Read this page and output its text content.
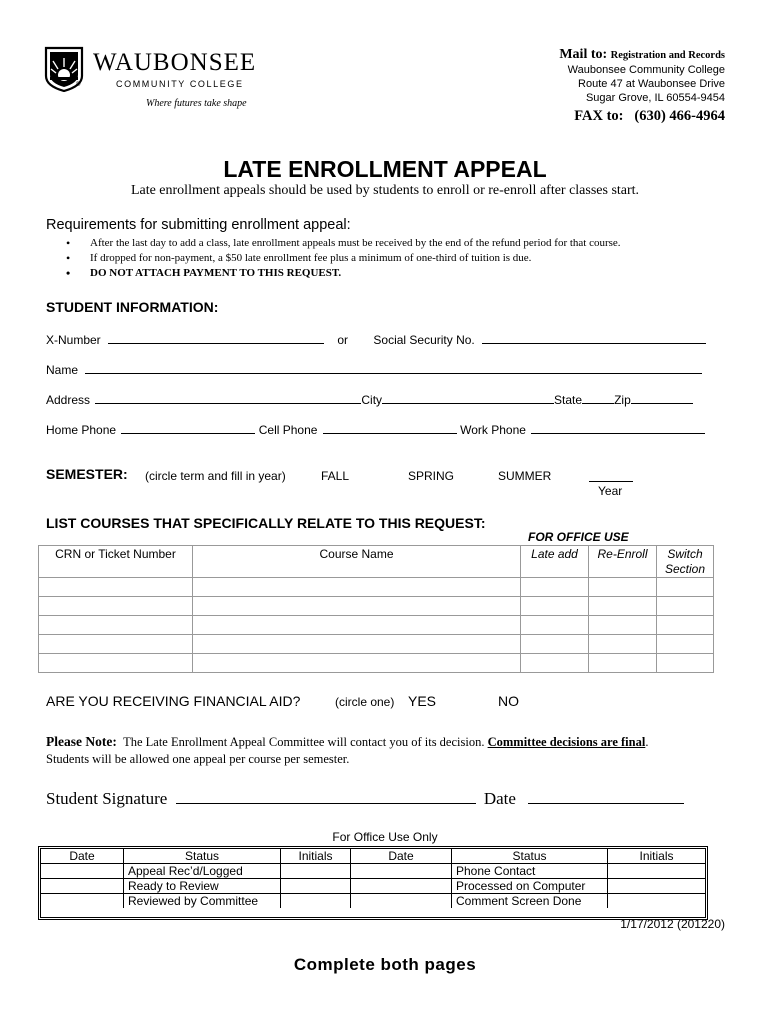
WAUBONSEE
COMMUNITY COLLEGE
®
Where futures take shape
Mail to: Registration and Records
Waubonsee Community College
Route 47 at Waubonsee Drive
Sugar Grove, IL 60554-9454
FAX to: (630) 466-4964
LATE ENROLLMENT APPEAL
Late enrollment appeals should be used by students to enroll or re-enroll after classes start.
Requirements for submitting enrollment appeal:
• After the last day to add a class, late enrollment appeals must be received by the end of the refund period for that course.
• If dropped for non-payment, a $50 late enrollment fee plus a minimum of one-third of tuition is due.
• DO NOT ATTACH PAYMENT TO THIS REQUEST.
STUDENT INFORMATION:
X-Number	or Social Security No.
Name
Address	City	State	Zip
Home Phone	Cell Phone	Work Phone
SEMESTER: (circle term and fill in year)	FALL	SPRING	SUMMER
Year
LIST COURSES THAT SPECIFICALLY RELATE TO THIS REQUEST:
FOR OFFICE USE
CRN or Ticket Number	Course Name	Late add	Re-Enroll	Switch
Section

ARE YOU RECEIVING FINANCIAL AID?	(circle one) YES	NO
Please Note: The Late Enrollment Appeal Committee will contact you of its decision. Committee decisions are final.
Students will be allowed one appeal per course per semester.
Student Signature	Date
For Office Use Only
Date	Status	Initials	Date	Status	Initials
	Appeal Rec’d/Logged			Phone Contact	
	Ready to Review			Processed on Computer	
	Reviewed by Committee			Comment Screen Done	
1/17/2012 (201220)
Complete both pages
